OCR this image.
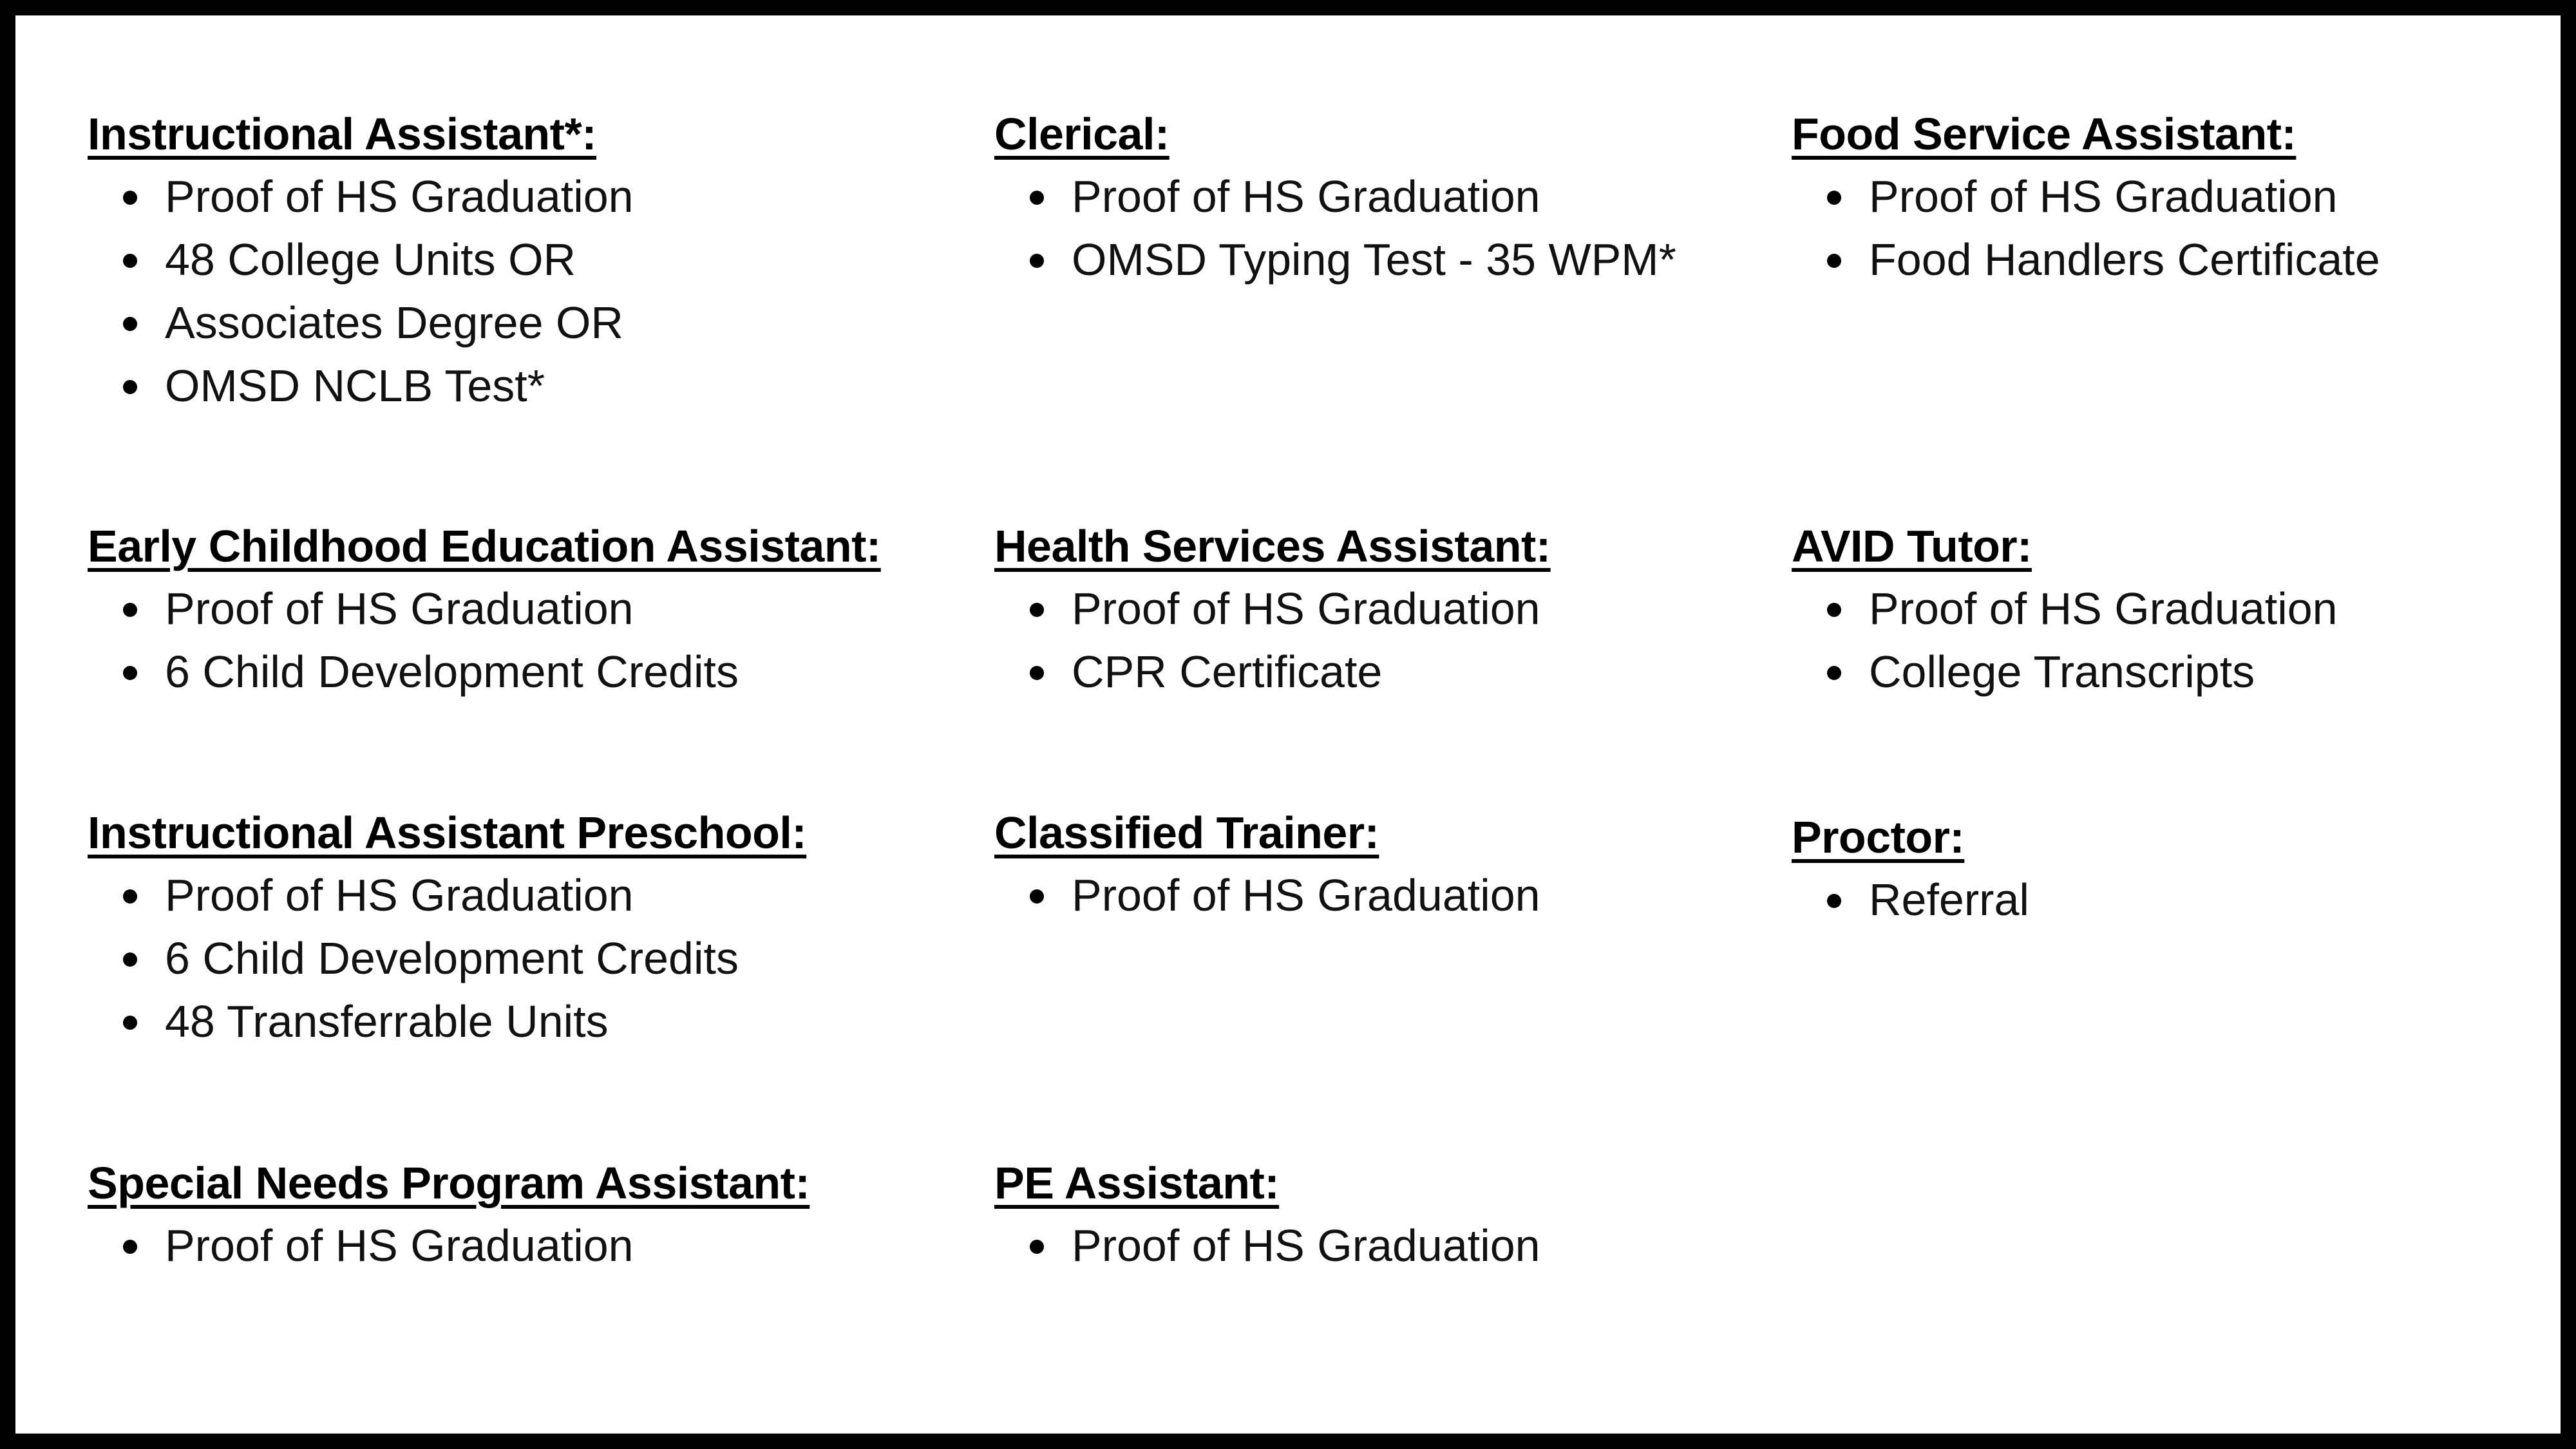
Instructional Assistant*:
Proof of HS Graduation
48 College Units OR
Associates Degree OR
OMSD NCLB Test*
Clerical:
Proof of HS Graduation
OMSD Typing Test - 35 WPM*
Food Service Assistant:
Proof of HS Graduation
Food Handlers Certificate
Early Childhood Education Assistant:
Proof of HS Graduation
6 Child Development Credits
Health Services Assistant:
Proof of HS Graduation
CPR Certificate
AVID Tutor:
Proof of HS Graduation
College Transcripts
Instructional Assistant Preschool:
Proof of HS Graduation
6 Child Development Credits
48 Transferrable Units
Classified Trainer:
Proof of HS Graduation
Proctor:
Referral
Special Needs Program Assistant:
Proof of HS Graduation
PE Assistant:
Proof of HS Graduation
